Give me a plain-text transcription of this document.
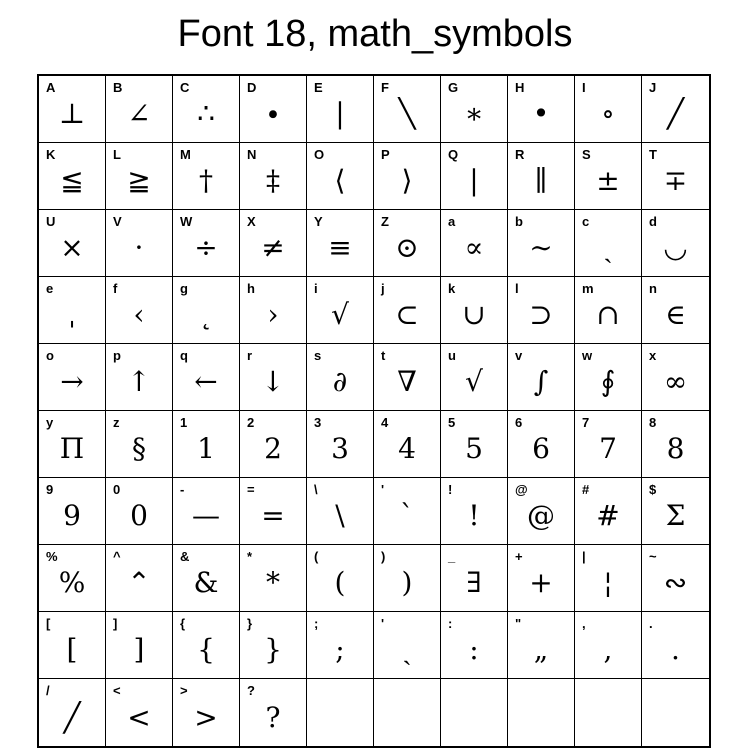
Font 18, math_symbols
A
⊥
B
∠
C
∴
D
∙
E
|
F
╲
G
∗
H
•
I
∘
J
╱
K
≦
L
≧
M
†
N
‡
O
⟨
P
⟩
Q
|
R
∥
S
±
T
∓
U
×
V
·
W
÷
X
≠
Y
≡
Z
⊙
a
∝
b
∼
c
ˏ
d
◡
e
ˌ
f
‹
g
˛
h
›
i
√
j
⊂
k
∪
l
⊃
m
∩
n
∈
o
→
p
↑
q
←
r
↓
s
∂
t
∇
u
√
v
∫
w
∮
x
∞
y
Π
z
§
1
1
2
2
3
3
4
4
5
5
6
6
7
7
8
8
9
9
0
0
-
—
=
=
\
\
'
ˋ
!
!
@
@
#
#
$
Σ
%
%
^
⌃
&
&
*
*
(
(
)
)
_
∃
+
+
|
¦
~
∾
[
[
]
]
{
{
}
}
;
;
'
ˏ
:
:
"
„
,
,
.
.
/
╱
<
<
>
>
?
?
